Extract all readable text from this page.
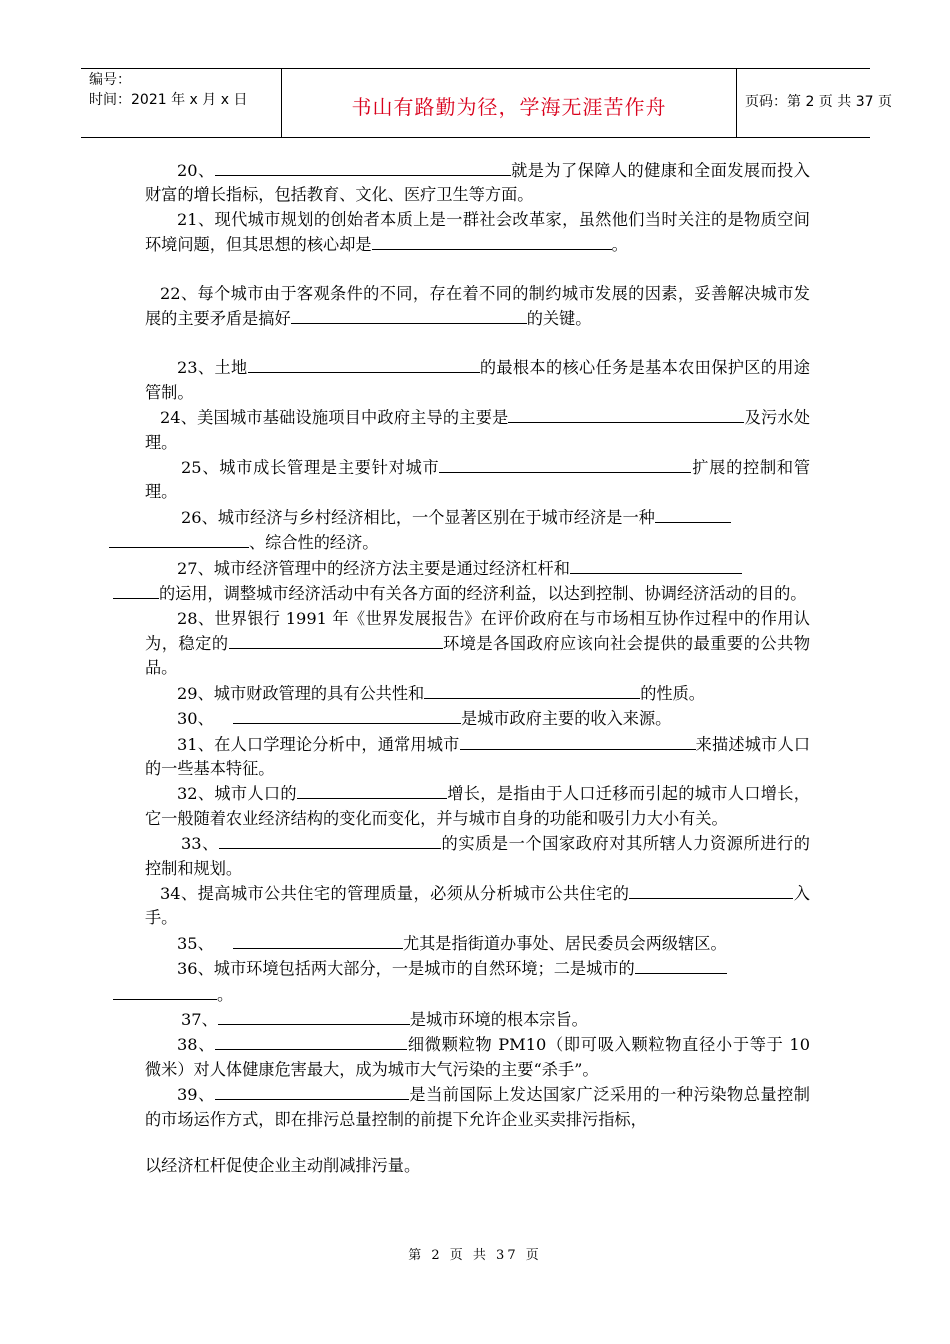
编号：
时间：2021 年 x 月 x 日	书山有路勤为径，学海无涯苦作舟	页码：第 2 页 共 37 页

20、	就是为了保障人的健康和全面发展而投入财富的增长指标，包括教育、文化、医疗卫生等方面。

21、现代城市规划的创始者本质上是一群社会改革家，虽然他们当时关注的是物质空间环境问题，但其思想的核心却是	。

22、每个城市由于客观条件的不同，存在着不同的制约城市发展的因素，妥善解决城市发展的主要矛盾是搞好	的关键。

23、土地	的最根本的核心任务是基本农田保护区的用途管制。

24、美国城市基础设施项目中政府主导的主要是	及污水处理。

25、城市成长管理是主要针对城市	扩展的控制和管理。

26、城市经济与乡村经济相比，一个显著区别在于城市经济是一种
、综合性的经济。

27、城市经济管理中的经济方法主要是通过经济杠杆和
的运用，调整城市经济活动中有关各方面的经济利益，以达到控制、协调经济活动的目的。

28、世界银行 1991 年《世界发展报告》在评价政府在与市场相互协作过程中的作用认为，稳定的	环境是各国政府应该向社会提供的最重要的公共物品。

29、城市财政管理的具有公共性和	的性质。

30、	是城市政府主要的收入来源。

31、在人口学理论分析中，通常用城市	来描述城市人口的一些基本特征。

32、城市人口的	增长，是指由于人口迁移而引起的城市人口增长，它一般随着农业经济结构的变化而变化，并与城市自身的功能和吸引力大小有关。

33、	的实质是一个国家政府对其所辖人力资源所进行的控制和规划。

34、提高城市公共住宅的管理质量，必须从分析城市公共住宅的	入手。

35、	尤其是指街道办事处、居民委员会两级辖区。

36、城市环境包括两大部分，一是城市的自然环境；二是城市的
。

37、	是城市环境的根本宗旨。

38、	细微颗粒物 PM10（即可吸入颗粒物直径小于等于 10 微米）对人体健康危害最大，成为城市大气污染的主要“杀手”。

39、	是当前国际上发达国家广泛采用的一种污染物总量控制的市场运作方式，即在排污总量控制的前提下允许企业买卖排污指标，

以经济杠杆促使企业主动削减排污量。

第 2 页 共 37 页
